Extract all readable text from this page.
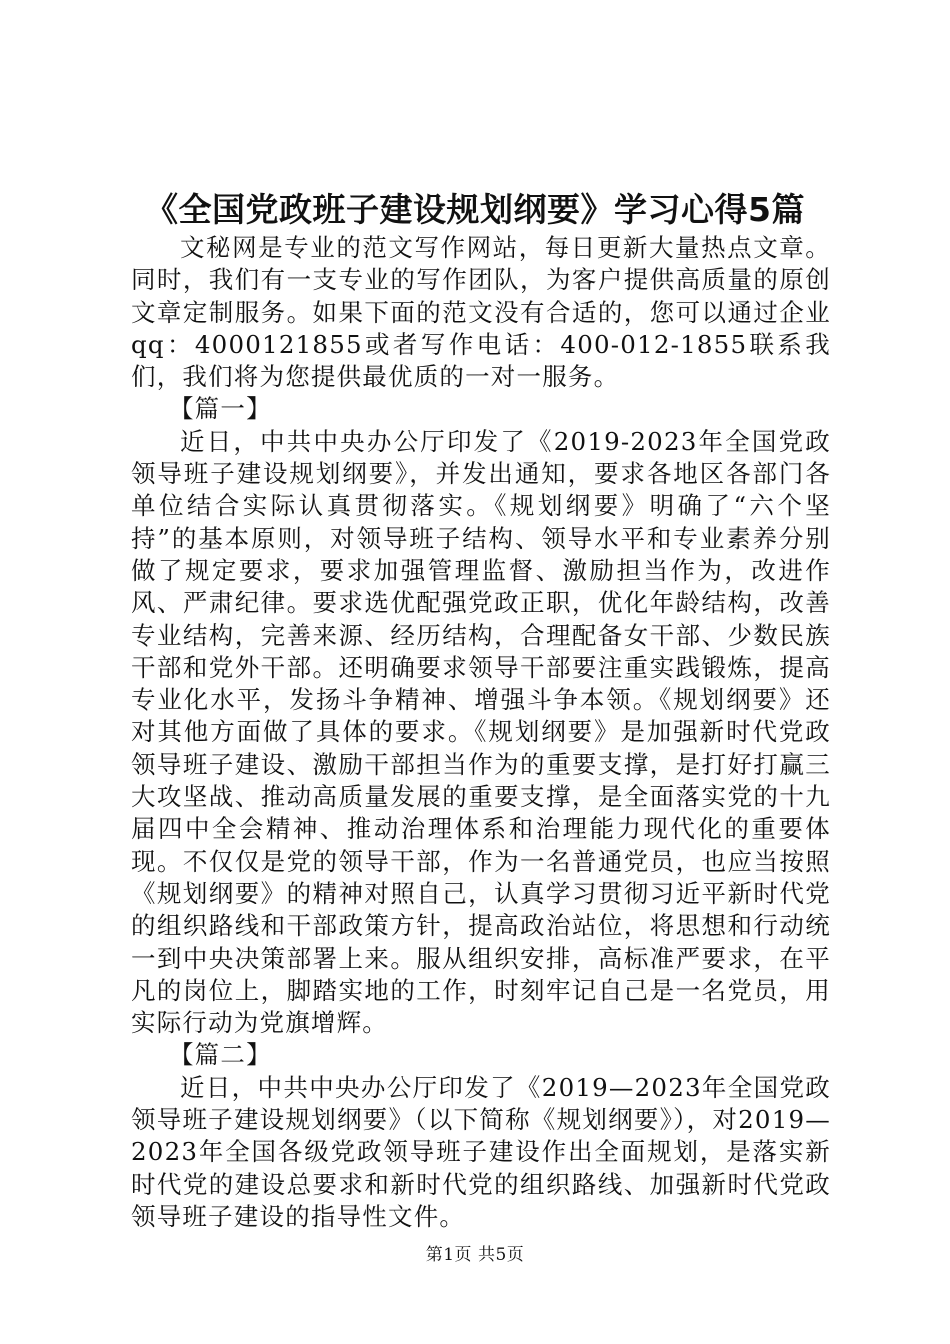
《全国党政班子建设规划纲要》学习心得5篇

文秘网是专业的范文写作网站，每日更新大量热点文章。同时，我们有一支专业的写作团队，为客户提供高质量的原创文章定制服务。如果下面的范文没有合适的，您可以通过企业qq：4000121855或者写作电话：400-012-1855联系我们，我们将为您提供最优质的一对一服务。

【篇一】

近日，中共中央办公厅印发了《2019-2023年全国党政领导班子建设规划纲要》，并发出通知，要求各地区各部门各单位结合实际认真贯彻落实。《规划纲要》明确了“六个坚持”的基本原则，对领导班子结构、领导水平和专业素养分别做了规定要求，要求加强管理监督、激励担当作为，改进作风、严肃纪律。要求选优配强党政正职，优化年龄结构，改善专业结构，完善来源、经历结构，合理配备女干部、少数民族干部和党外干部。还明确要求领导干部要注重实践锻炼，提高专业化水平，发扬斗争精神、增强斗争本领。《规划纲要》还对其他方面做了具体的要求。《规划纲要》是加强新时代党政领导班子建设、激励干部担当作为的重要支撑，是打好打赢三大攻坚战、推动高质量发展的重要支撑，是全面落实党的十九届四中全会精神、推动治理体系和治理能力现代化的重要体现。不仅仅是党的领导干部，作为一名普通党员，也应当按照《规划纲要》的精神对照自己，认真学习贯彻习近平新时代党的组织路线和干部政策方针，提高政治站位，将思想和行动统一到中央决策部署上来。服从组织安排，高标准严要求，在平凡的岗位上，脚踏实地的工作，时刻牢记自己是一名党员，用实际行动为党旗增辉。

【篇二】

近日，中共中央办公厅印发了《2019—2023年全国党政领导班子建设规划纲要》（以下简称《规划纲要》），对2019—2023年全国各级党政领导班子建设作出全面规划，是落实新时代党的建设总要求和新时代党的组织路线、加强新时代党政领导班子建设的指导性文件。

第1页 共5页
